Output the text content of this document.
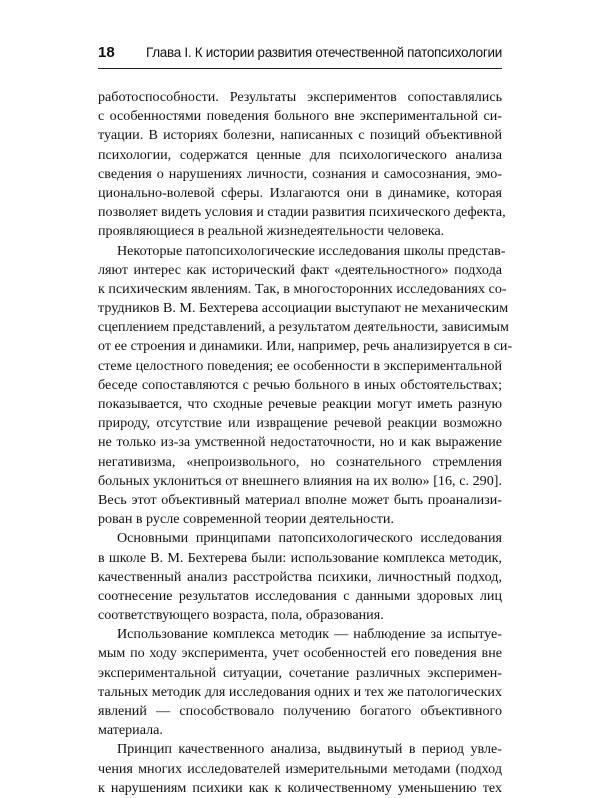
18 Глава I. К истории развития отечественной патопсихологии
работоспособности. Результаты экспериментов сопоставлялись
с особенностями поведения больного вне экспериментальной си-
туации. В историях болезни, написанных с позиций объективной
психологии, содержатся ценные для психологического анализа
сведения о нарушениях личности, сознания и самосознания, эмо-
ционально-волевой сферы. Излагаются они в динамике, которая
позволяет видеть условия и стадии развития психического дефекта,
проявляющиеся в реальной жизнедеятельности человека.
Некоторые патопсихологические исследования школы представ-
ляют интерес как исторический факт «деятельностного» подхода
к психическим явлениям. Так, в многосторонних исследованиях со-
трудников В. М. Бехтерева ассоциации выступают не механическим
сцеплением представлений, а результатом деятельности, зависимым
от ее строения и динамики. Или, например, речь анализируется в си-
стеме целостного поведения; ее особенности в экспериментальной
беседе сопоставляются с речью больного в иных обстоятельствах;
показывается, что сходные речевые реакции могут иметь разную
природу, отсутствие или извращение речевой реакции возможно
не только из-за умственной недостаточности, но и как выражение
негативизма, «непроизвольного, но сознательного стремления
больных уклониться от внешнего влияния на их волю» [16, с. 290].
Весь этот объективный материал вполне может быть проанализи-
рован в русле современной теории деятельности.
Основными принципами патопсихологического исследования
в школе В. М. Бехтерева были: использование комплекса методик,
качественный анализ расстройства психики, личностный подход,
соотнесение результатов исследования с данными здоровых лиц
соответствующего возраста, пола, образования.
Использование комплекса методик — наблюдение за испытуе-
мым по ходу эксперимента, учет особенностей его поведения вне
экспериментальной ситуации, сочетание различных эксперимен-
тальных методик для исследования одних и тех же патологических
явлений — способствовало получению богатого объективного
материала.
Принцип качественного анализа, выдвинутый в период увле-
чения многих исследователей измерительными методами (подход
к нарушениям психики как к количественному уменьшению тех
